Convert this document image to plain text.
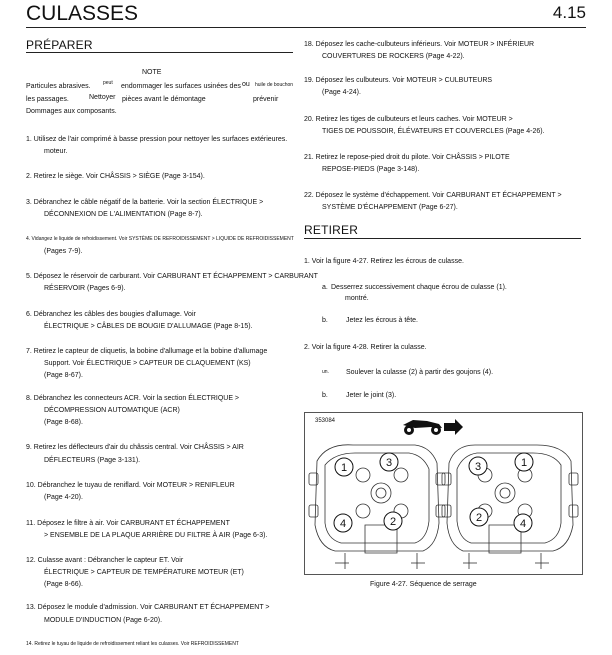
CULASSES	4.15
PRÉPARER
NOTE
Particules abrasives. peut endommager les surfaces usinées des ou huile de bouchon
les passages.	Nettoyer pièces avant le démontage	prévenir
Dommages aux composants.
1. Utilisez de l'air comprimé à basse pression pour nettoyer les surfaces extérieures.
moteur.
2. Retirez le siège. Voir CHÂSSIS > SIÈGE (Page 3-154).
3. Débranchez le câble négatif de la batterie. Voir la section ÉLECTRIQUE >
DÉCONNEXION DE L'ALIMENTATION (Page 8-7).
4. Vidangez le liquide de refroidissement. Voir SYSTÈME DE REFROIDISSEMENT > LIQUIDE DE REFROIDISSEMENT
(Pages 7-9).
5. Déposez le réservoir de carburant. Voir CARBURANT ET ÉCHAPPEMENT > CARBURANT
RÉSERVOIR (Pages 6-9).
6. Débranchez les câbles des bougies d'allumage. Voir
ÉLECTRIQUE > CÂBLES DE BOUGIE D'ALLUMAGE (Page 8-15).
7. Retirez le capteur de cliquetis, la bobine d'allumage et la bobine d'allumage
Support. Voir ÉLECTRIQUE > CAPTEUR DE CLAQUEMENT (KS)
(Page 8-67).
8. Débranchez les connecteurs ACR. Voir la section ÉLECTRIQUE >
DÉCOMPRESSION AUTOMATIQUE (ACR)
(Page 8-68).
9. Retirez les déflecteurs d'air du châssis central. Voir CHÂSSIS > AIR
DÉFLECTEURS (Page 3-131).
10. Débranchez le tuyau de reniflard. Voir MOTEUR > RENIFLEUR
(Page 4-20).
11. Déposez le filtre à air. Voir CARBURANT ET ÉCHAPPEMENT
> ENSEMBLE DE LA PLAQUE ARRIÈRE DU FILTRE À AIR (Page 6-3).
12. Culasse avant : Débrancher le capteur ET. Voir
ÉLECTRIQUE > CAPTEUR DE TEMPÉRATURE MOTEUR (ET)
(Page 8-66).
13. Déposez le module d'admission. Voir CARBURANT ET ÉCHAPPEMENT >
MODULE D'INDUCTION (Page 6-20).
14. Retirez le tuyau de liquide de refroidissement reliant les culasses. Voir REFROIDISSEMENT
18. Déposez les cache-culbuteurs inférieurs. Voir MOTEUR > INFÉRIEUR
COUVERTURES DE ROCKERS (Page 4-22).
19. Déposez les culbuteurs. Voir MOTEUR > CULBUTEURS
(Page 4-24).
20. Retirez les tiges de culbuteurs et leurs caches. Voir MOTEUR >
TIGES DE POUSSOIR, ÉLÉVATEURS ET COUVERCLES (Page 4-26).
21. Retirez le repose-pied droit du pilote. Voir CHÂSSIS > PILOTE
REPOSE-PIEDS (Page 3-148).
22. Déposez le système d'échappement. Voir CARBURANT ET ÉCHAPPEMENT >
SYSTÈME D'ÉCHAPPEMENT (Page 6-27).
RETIRER
1. Voir la figure 4-27. Retirez les écrous de culasse.
a. Desserrez successivement chaque écrou de culasse (1).
montré.
b.	Jetez les écrous à tête.
2. Voir la figure 4-28. Retirer la culasse.
un. Soulever la culasse (2) à partir des goujons (4).
b.	Jeter le joint (3).
353084
1	3
4	2
3	1
2	4
Figure 4-27. Séquence de serrage
